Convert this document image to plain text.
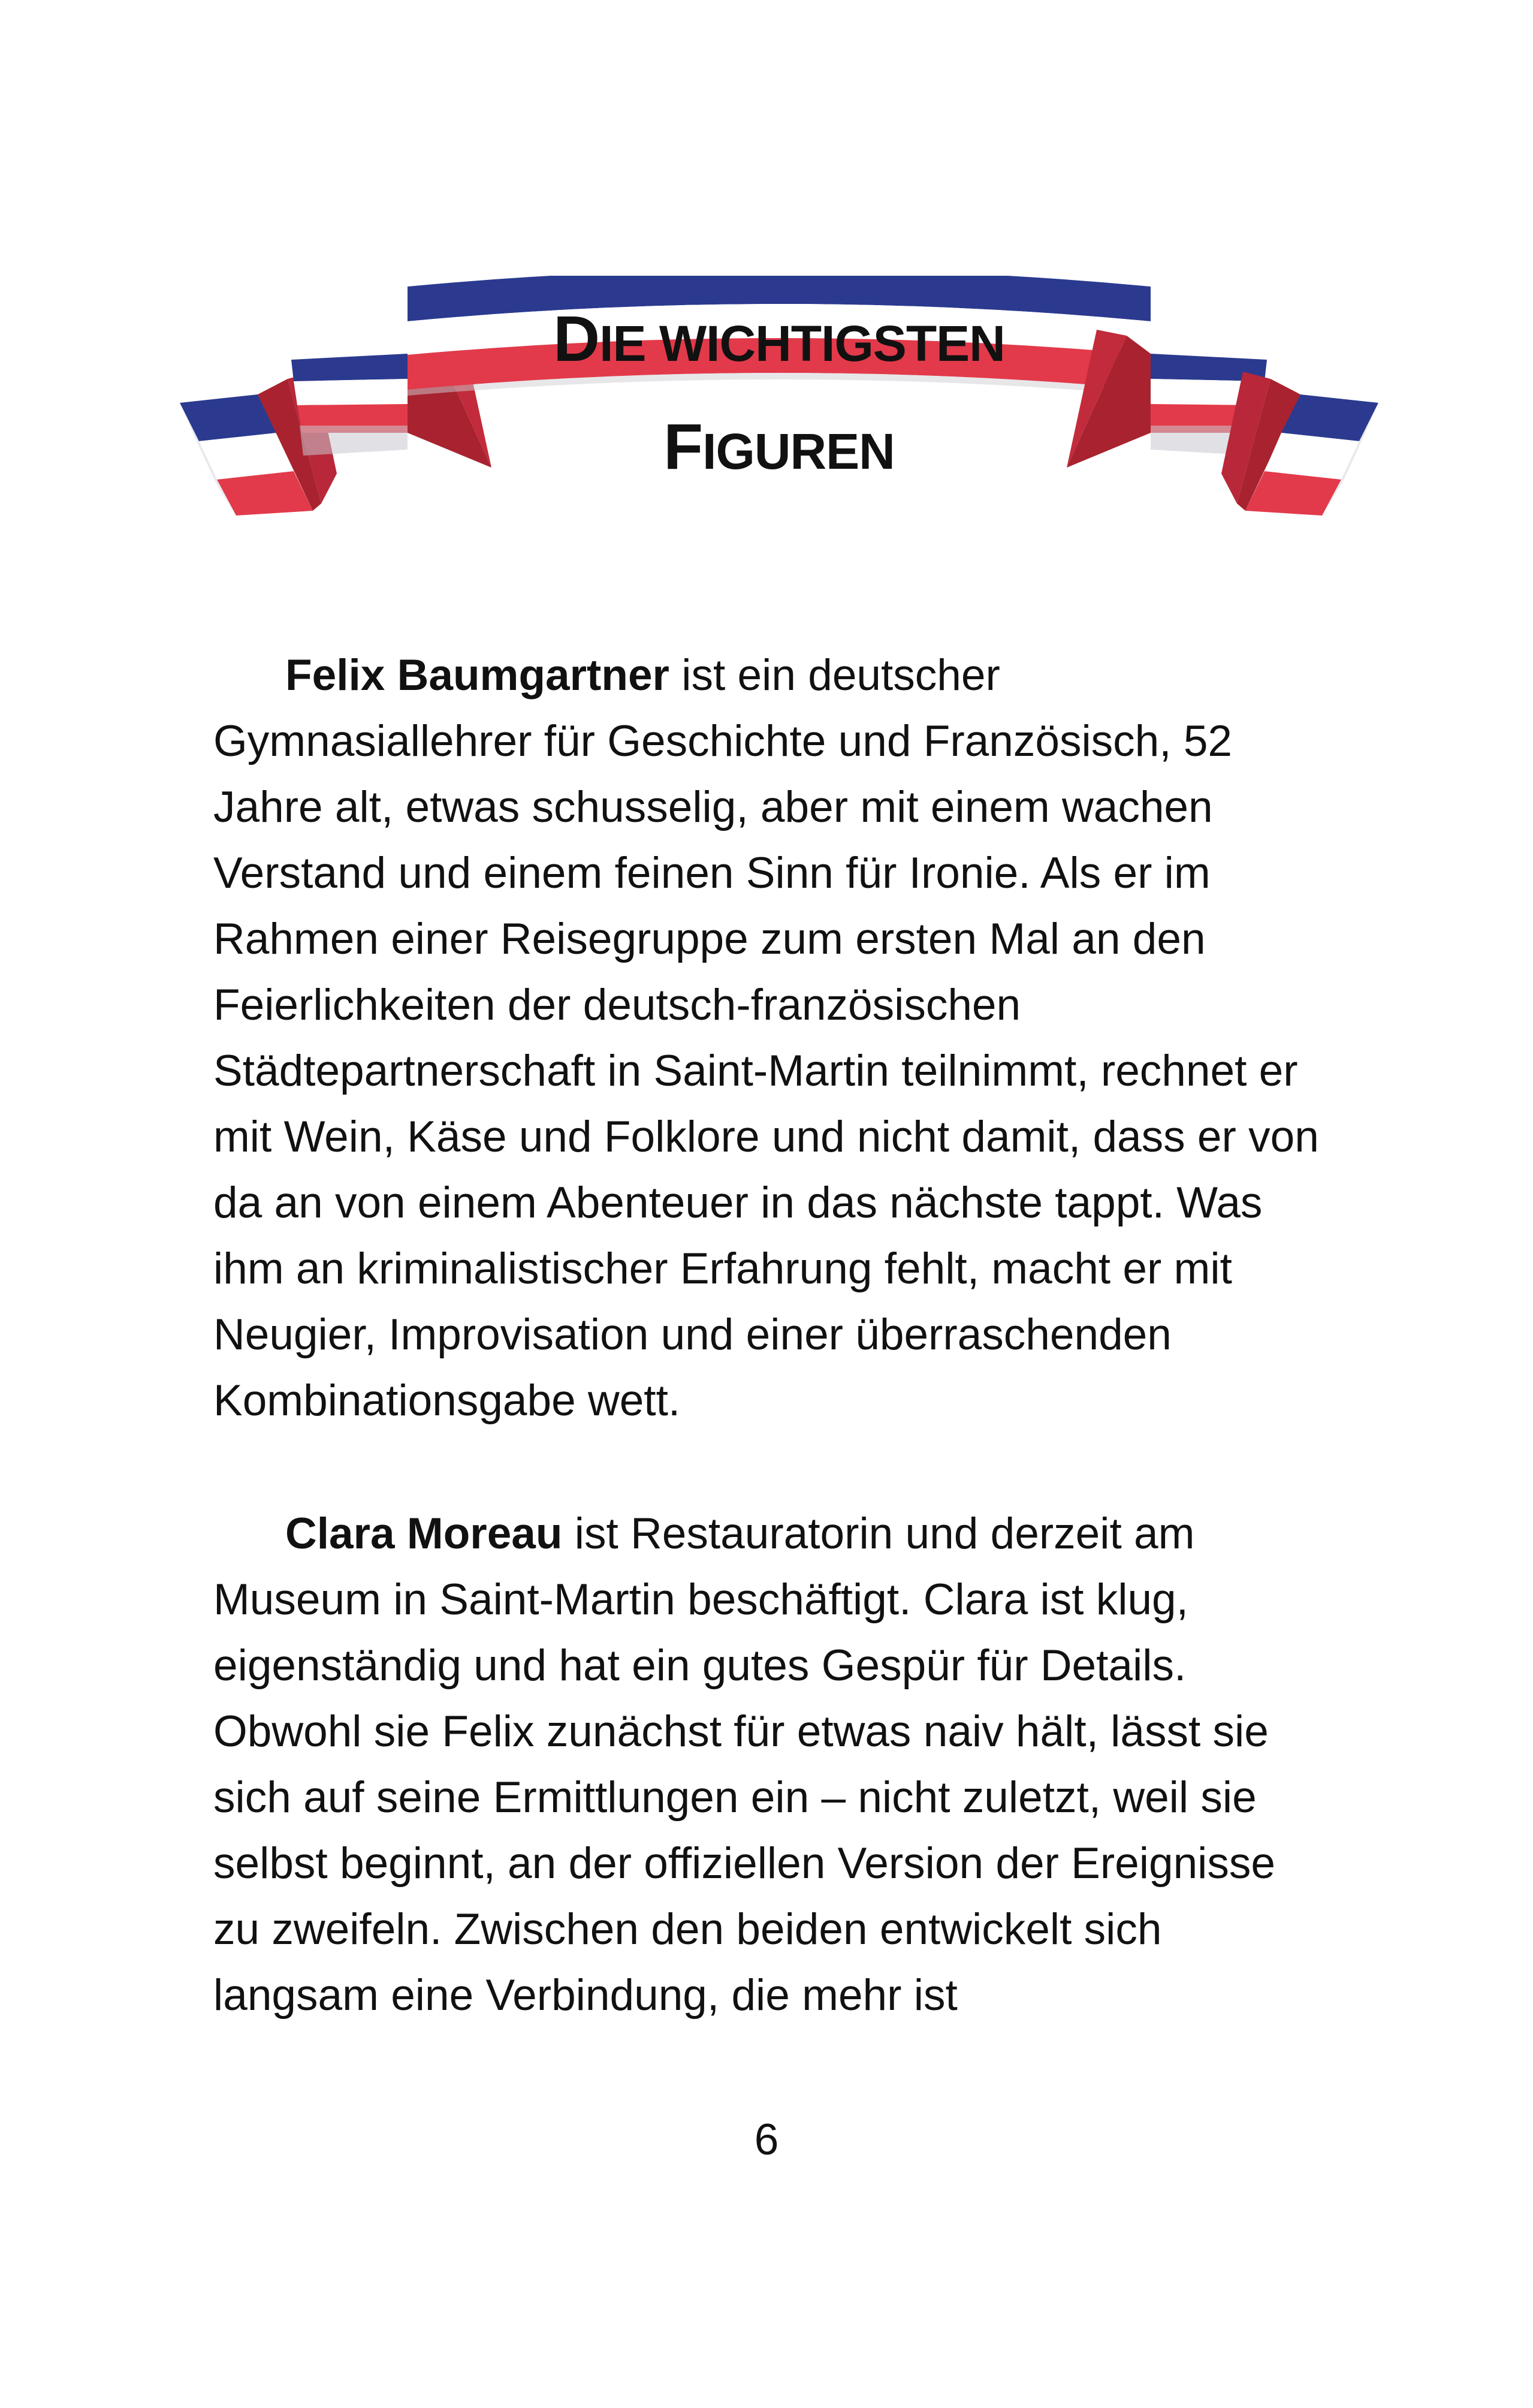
DIE WICHTIGSTEN
FIGUREN

Felix Baumgartner ist ein deutscher Gymnasiallehrer für Geschichte und Französisch, 52 Jahre alt, etwas schusselig, aber mit einem wachen Verstand und einem feinen Sinn für Ironie. Als er im Rahmen einer Reisegruppe zum ersten Mal an den Feierlichkeiten der deutsch-französischen Städtepartnerschaft in Saint-Martin teilnimmt, rechnet er mit Wein, Käse und Folklore und nicht damit, dass er von da an von einem Abenteuer in das nächste tappt. Was ihm an kriminalistischer Erfahrung fehlt, macht er mit Neugier, Improvisation und einer überraschenden Kombinationsgabe wett.

Clara Moreau ist Restauratorin und derzeit am Museum in Saint-Martin beschäftigt. Clara ist klug, eigenständig und hat ein gutes Gespür für Details. Obwohl sie Felix zunächst für etwas naiv hält, lässt sie sich auf seine Ermittlungen ein – nicht zuletzt, weil sie selbst beginnt, an der offiziellen Version der Ereignisse zu zweifeln. Zwischen den beiden entwickelt sich langsam eine Verbindung, die mehr ist

6
